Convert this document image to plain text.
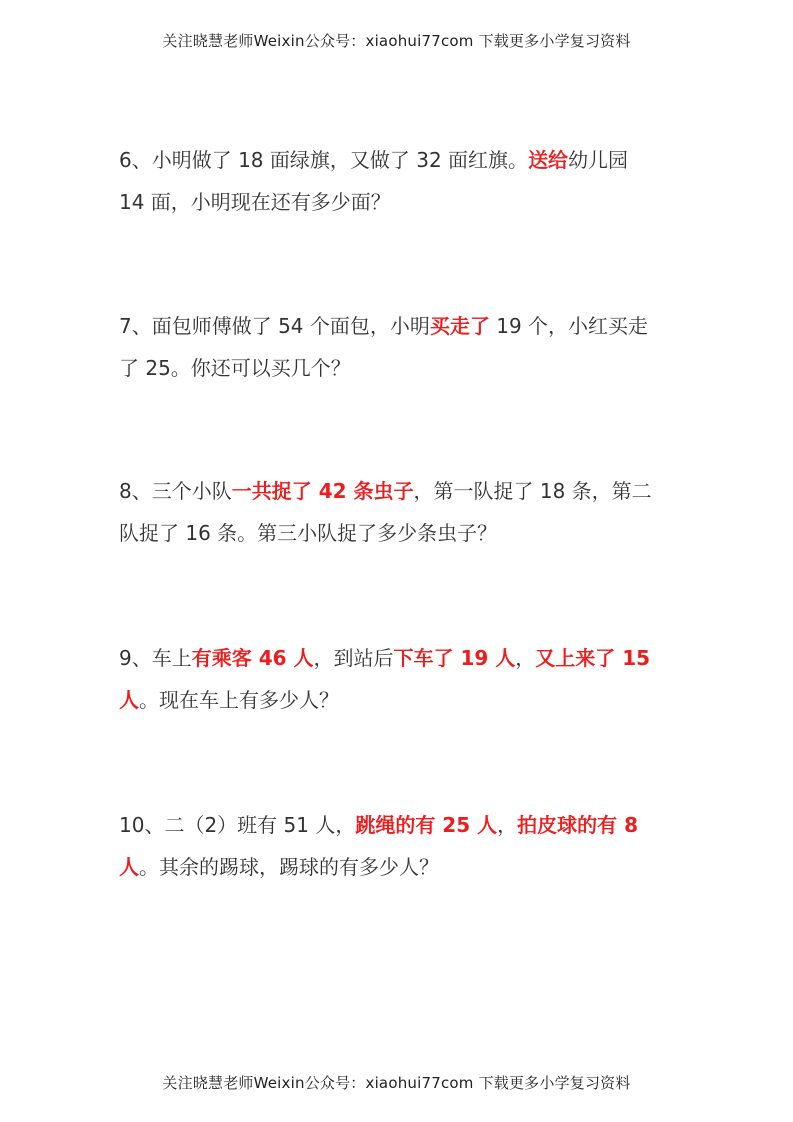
关注晓慧老师Weixin公众号：xiaohui77com 下载更多小学复习资料
6、小明做了 18 面绿旗，又做了 32 面红旗。送给幼儿园 14 面，小明现在还有多少面？
7、面包师傅做了 54 个面包，小明买走了 19 个，小红买走了 25。你还可以买几个？
8、三个小队一共捉了 42 条虫子，第一队捉了 18 条，第二队捉了 16 条。第三小队捉了多少条虫子？
9、车上有乘客 46 人，到站后下车了 19 人，又上来了 15 人。现在车上有多少人？
10、二（2）班有 51 人，跳绳的有 25 人，拍皮球的有 8 人。其余的踢球，踢球的有多少人？
关注晓慧老师Weixin公众号：xiaohui77com 下载更多小学复习资料
